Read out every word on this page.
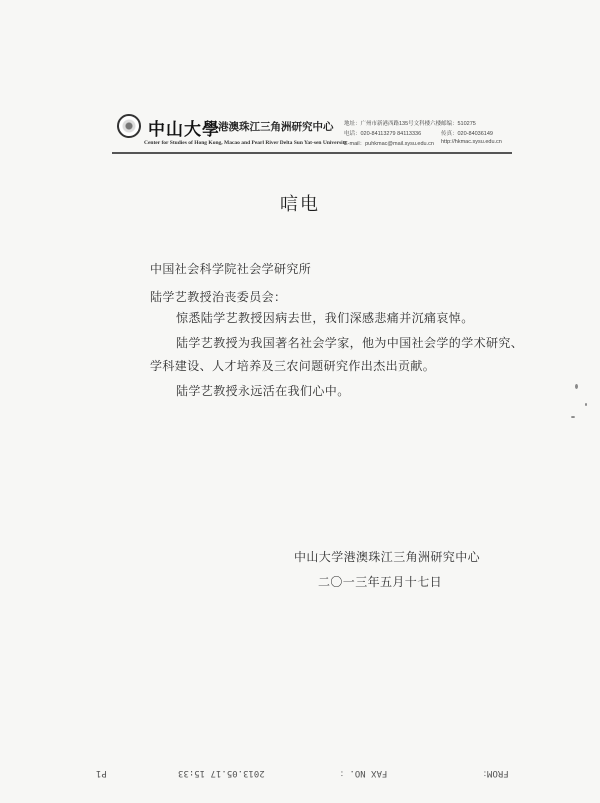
中山大學
港澳珠江三角洲研究中心
Center for Studies of Hong Kong, Macao and Pearl River Delta Sun Yat-sen University
地址：广州市新港西路135号文科楼六楼 邮编：510275
电话：020-84113279 84113336	传真：020-84036149
E-mail：puhkmac@mail.sysu.edu.cn http://hkmac.sysu.edu.cn
唁电
中国社会科学院社会学研究所
陆学艺教授治丧委员会：
惊悉陆学艺教授因病去世，我们深感悲痛并沉痛哀悼。
陆学艺教授为我国著名社会学家，他为中国社会学的学术研究、
学科建设、人才培养及三农问题研究作出杰出贡献。
陆学艺教授永远活在我们心中。
中山大学港澳珠江三角洲研究中心
二〇一三年五月十七日
FROM：
FAX NO. ：
2013.05.17 15:33
P1
